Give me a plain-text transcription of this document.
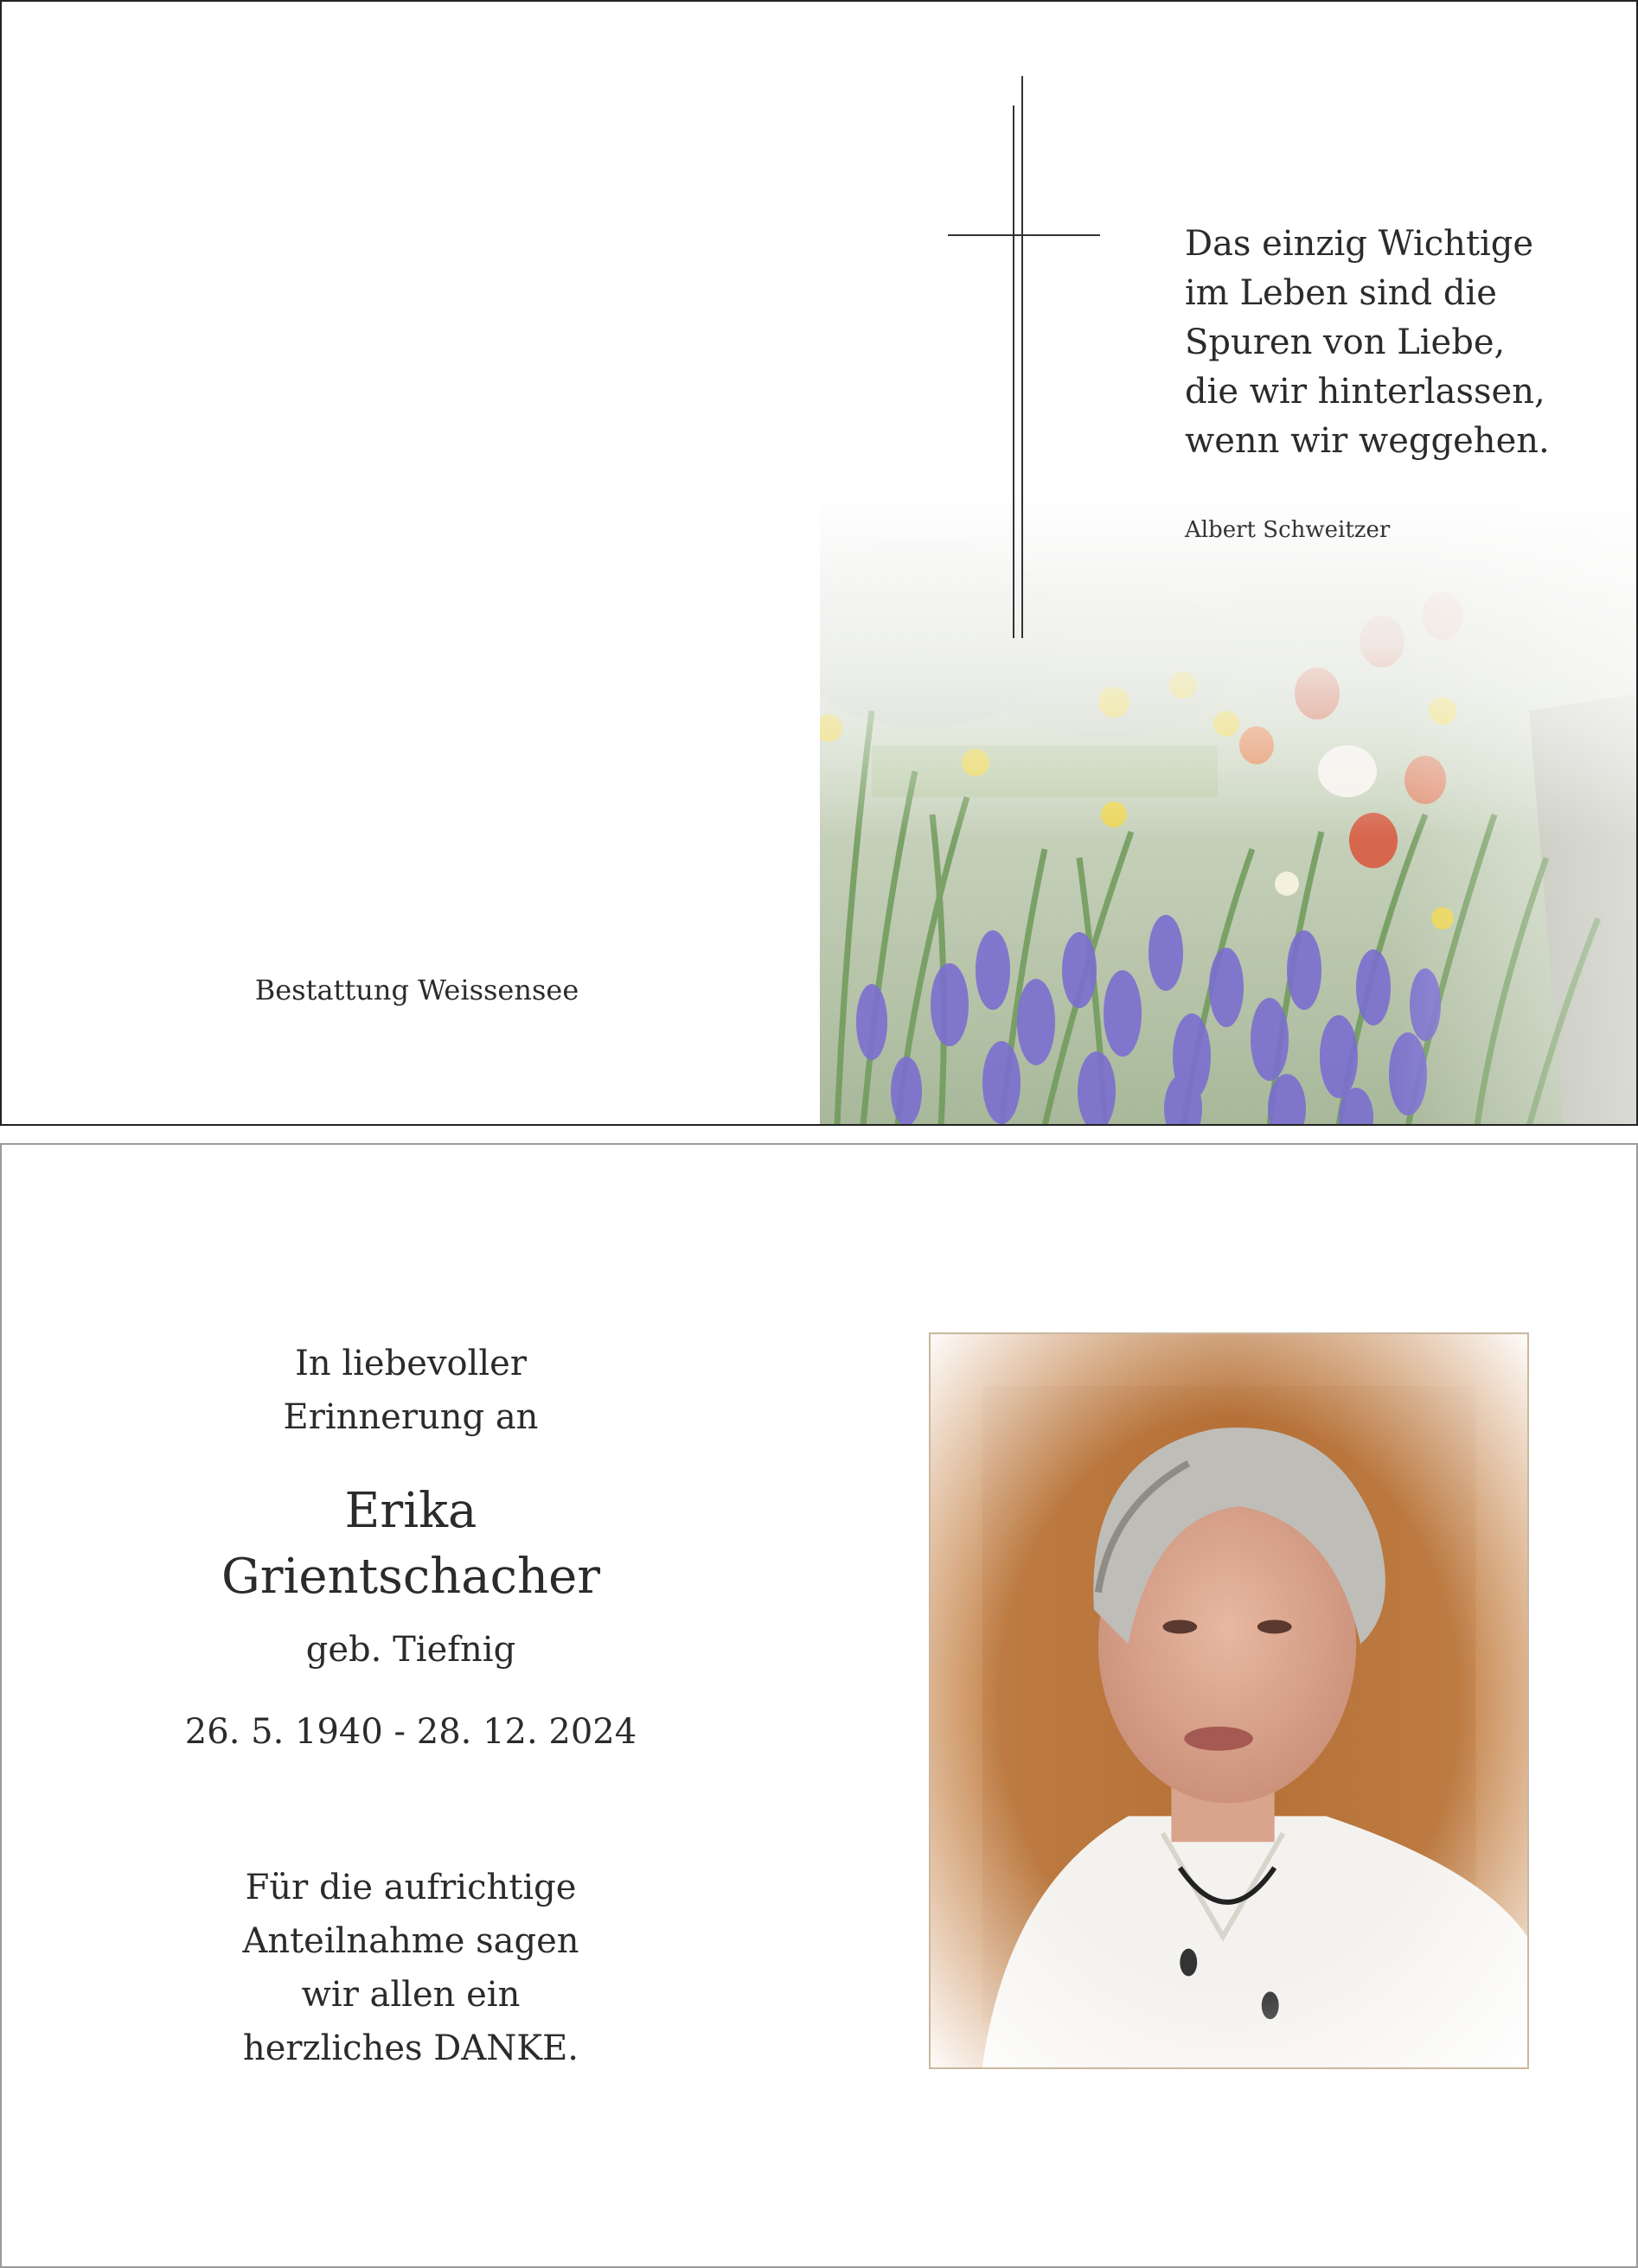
Das einzig Wichtige
im Leben sind die
Spuren von Liebe,
die wir hinterlassen,
wenn wir weggehen.
Albert Schweitzer
Bestattung Weissensee
In liebevoller
Erinnerung an
Erika
Grientschacher
geb. Tiefnig
26. 5. 1940 - 28. 12. 2024
Für die aufrichtige
Anteilnahme sagen
wir allen ein
herzliches DANKE.
